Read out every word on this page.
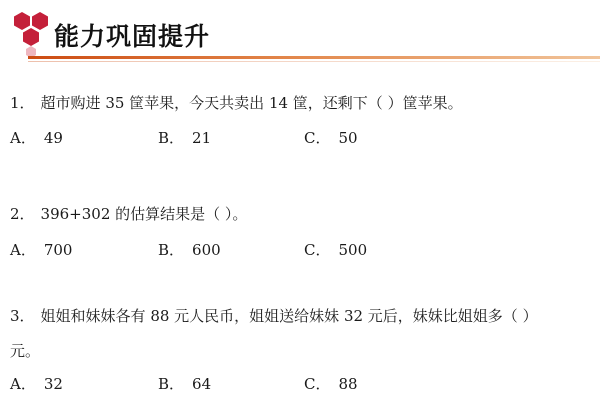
能力巩固提升
1． 超市购进 35 筐苹果，今天共卖出 14 筐，还剩下（ ）筐苹果。
A． 49	B． 21	C． 50
2． 396+302 的估算结果是（ ）。
A． 700	B． 600	C． 500
3． 姐姐和妹妹各有 88 元人民币，姐姐送给妹妹 32 元后，妹妹比姐姐多（ ）
元。
A． 32	B． 64	C． 88
